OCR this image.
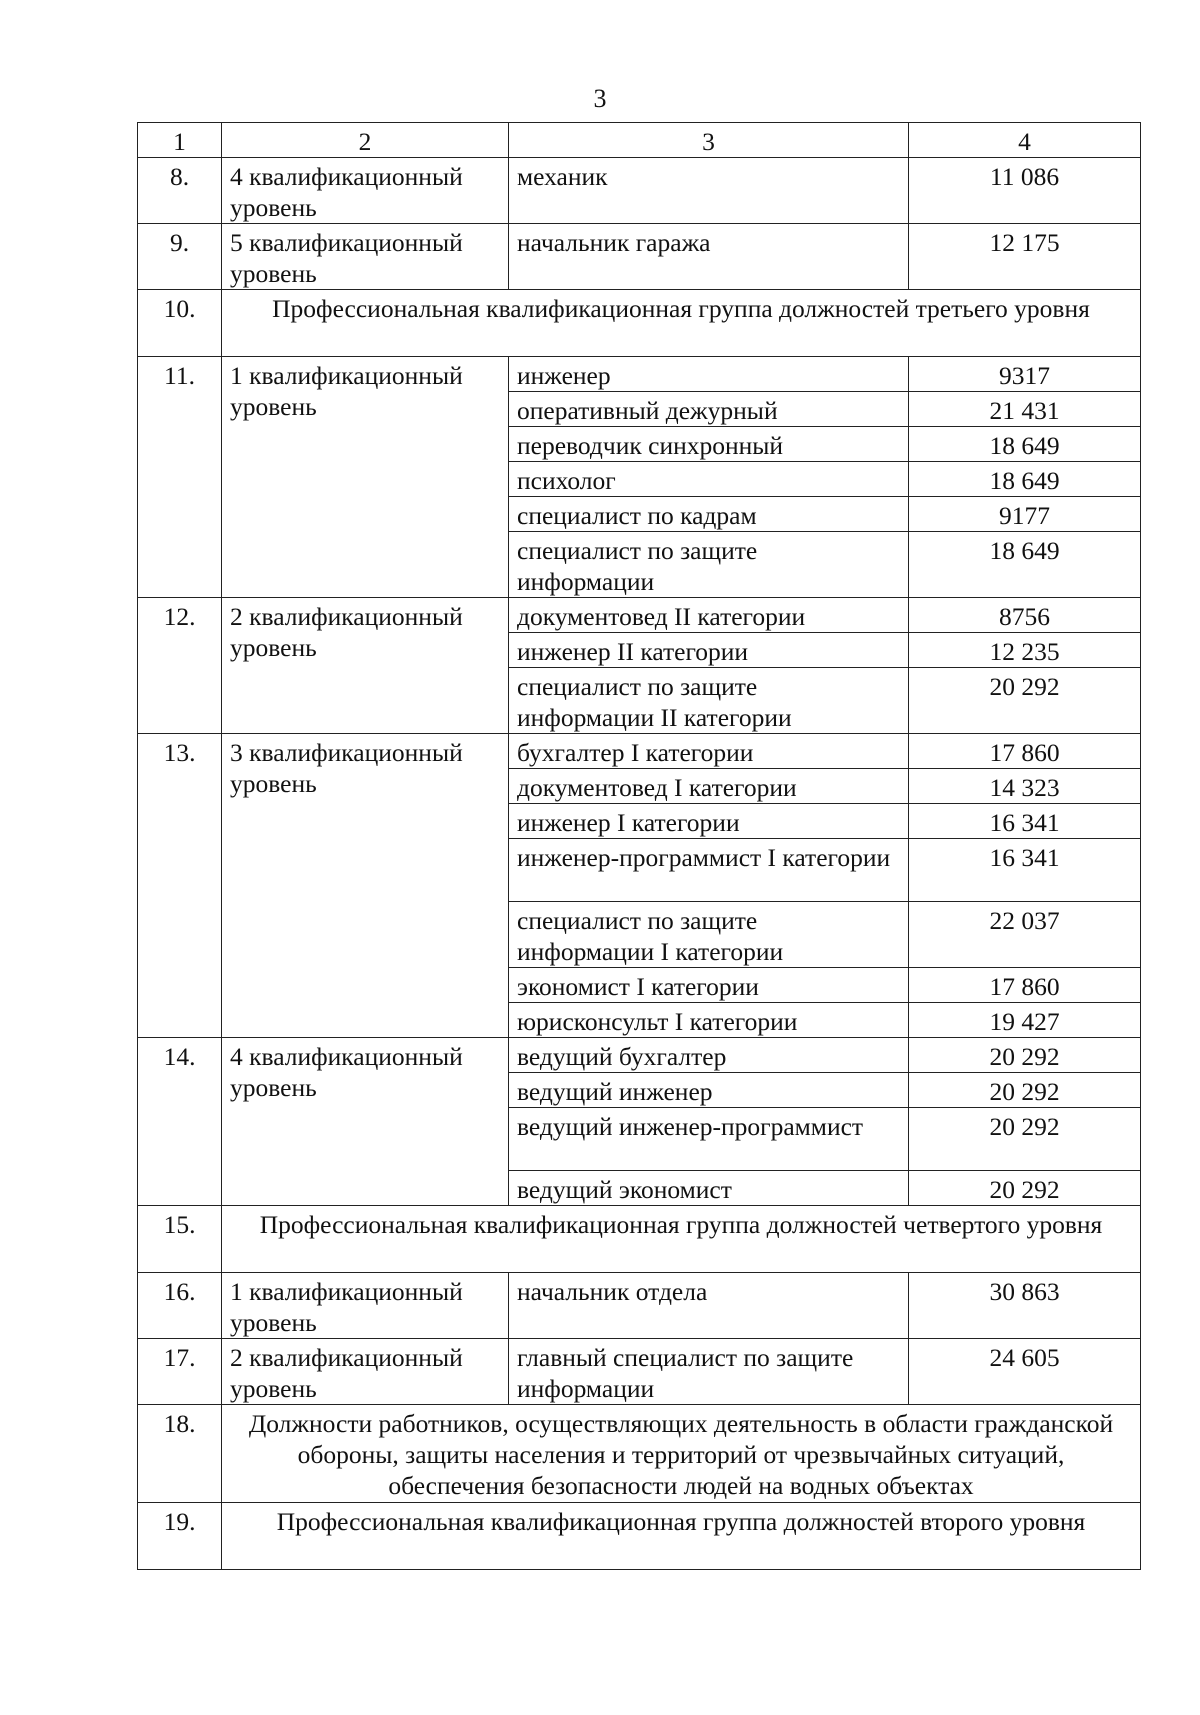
3
1	2	3	4
8.	4 квалификационный уровень	механик	11 086
9.	5 квалификационный уровень	начальник гаража	12 175
10.	Профессиональная квалификационная группа должностей третьего уровня		
11.	1 квалификационный уровень	инженер	9317
		оперативный дежурный	21 431
		переводчик синхронный	18 649
		психолог	18 649
		специалист по кадрам	9177
		специалист по защите информации	18 649
12.	2 квалификационный уровень	документовед II категории	8756
		инженер II категории	12 235
		специалист по защите информации II категории	20 292
13.	3 квалификационный уровень	бухгалтер I категории	17 860
		документовед I категории	14 323
		инженер I категории	16 341
		инженер-программист I категории	16 341
		специалист по защите информации I категории	22 037
		экономист I категории	17 860
		юрисконсульт I категории	19 427
14.	4 квалификационный уровень	ведущий бухгалтер	20 292
		ведущий инженер	20 292
		ведущий инженер-программист	20 292
		ведущий экономист	20 292
15.	Профессиональная квалификационная группа должностей четвертого уровня		
16.	1 квалификационный уровень	начальник отдела	30 863
17.	2 квалификационный уровень	главный специалист по защите информации	24 605
18.	Должности работников, осуществляющих деятельность в области гражданской обороны, защиты населения и территорий от чрезвычайных ситуаций, обеспечения безопасности людей на водных объектах		
19.	Профессиональная квалификационная группа должностей второго уровня		
